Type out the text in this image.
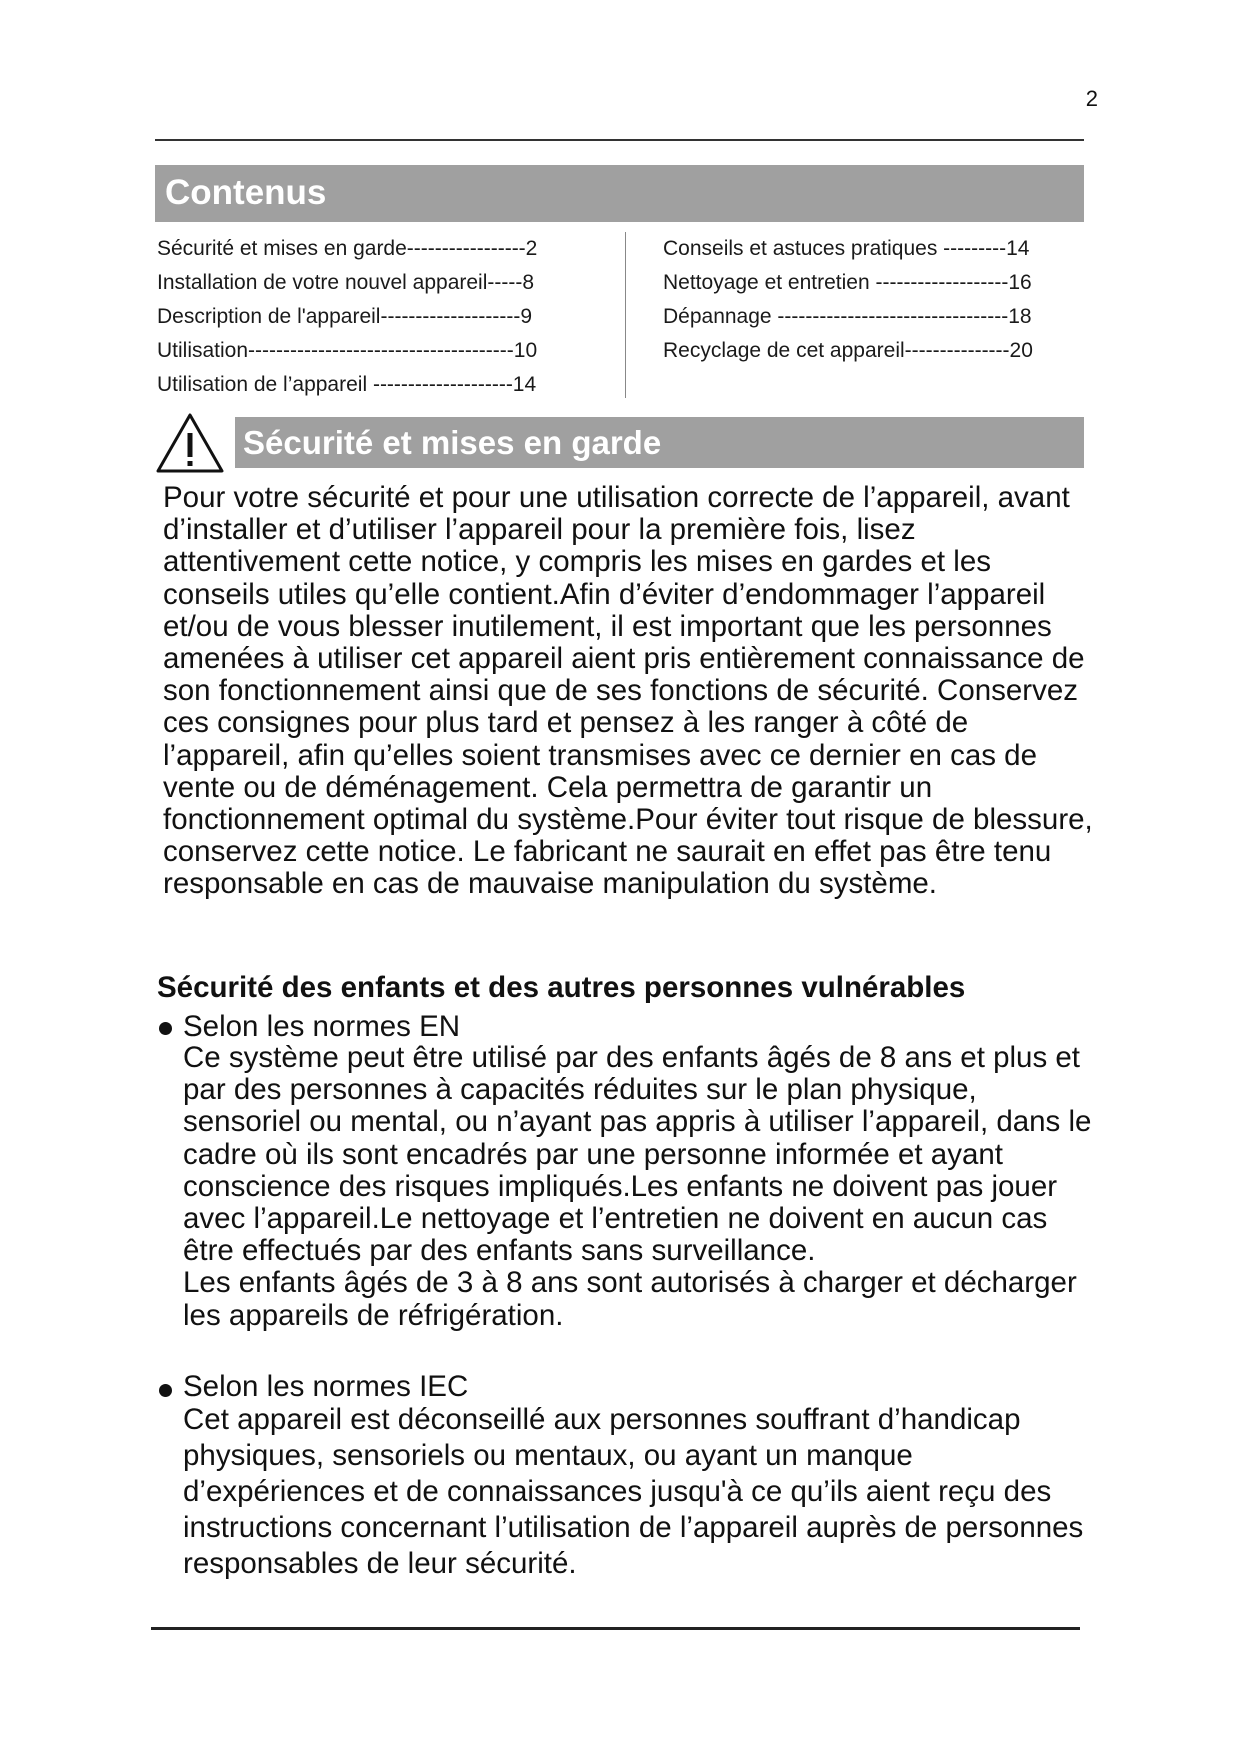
2
Contenus
Sécurité et mises en garde-----------------2
Installation de votre nouvel appareil-----8
Description de l'appareil--------------------9
Utilisation--------------------------------------10
Utilisation de l’appareil --------------------14
Conseils et astuces pratiques ---------14
Nettoyage et entretien -------------------16
Dépannage ---------------------------------18
Recyclage de cet appareil---------------20
Sécurité et mises en garde
Pour votre sécurité et pour une utilisation correcte de l’appareil, avant d’installer et d’utiliser l’appareil pour la première fois, lisez attentivement cette notice, y compris les mises en gardes et les conseils utiles qu’elle contient.Afin d’éviter d’endommager l’appareil et/ou de vous blesser inutilement, il est important que les personnes amenées à utiliser cet appareil aient pris entièrement connaissance de son fonctionnement ainsi que de ses fonctions de sécurité. Conservez ces consignes pour plus tard et pensez à les ranger à côté de l’appareil, afin qu’elles soient transmises avec ce dernier en cas de vente ou de déménagement. Cela permettra de garantir un fonctionnement optimal du système.Pour éviter tout risque de blessure, conservez cette notice. Le fabricant ne saurait en effet pas être tenu responsable en cas de mauvaise manipulation du système.
Sécurité des enfants et des autres personnes vulnérables
Selon les normes EN
Ce système peut être utilisé par des enfants âgés de 8 ans et plus et par des personnes à capacités réduites sur le plan physique, sensoriel ou mental, ou n’ayant pas appris à utiliser l’appareil, dans le cadre où ils sont encadrés par une personne informée et ayant conscience des risques impliqués.Les enfants ne doivent pas jouer avec l’appareil.Le nettoyage et l’entretien ne doivent en aucun cas être effectués par des enfants sans surveillance.
Les enfants âgés de 3 à 8 ans sont autorisés à charger et décharger les appareils de réfrigération.
Selon les normes IEC
Cet appareil est déconseillé aux personnes souffrant d’handicap physiques, sensoriels ou mentaux, ou ayant un manque d’expériences et de connaissances jusqu'à ce qu’ils aient reçu des instructions concernant l’utilisation de l’appareil auprès de personnes responsables de leur sécurité.
